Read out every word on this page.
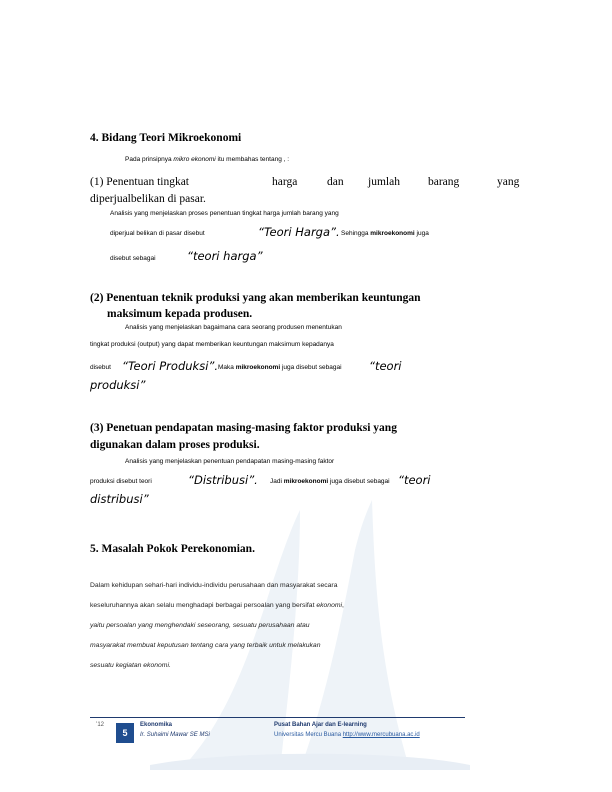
4. Bidang Teori Mikroekonomi
Pada prinsipnya mikro ekonomi itu membahas tentang , :
(1) Penentuan tingkat	harga	dan jumlah barang	yang
diperjualbelikan di pasar.
Analisis yang menjelaskan proses penentuan tingkat harga jumlah barang yang
diperjual belikan di pasar disebut	“Teori Harga”. Sehingga mikroekonomi juga
disebut sebagai	“teori harga”
(2) Penentuan teknik produksi yang akan memberikan keuntungan
maksimum kepada produsen.
Analisis yang menjelaskan bagaimana cara seorang produsen menentukan
tingkat produksi (output) yang dapat memberikan keuntungan maksimum kepadanya
disebut “Teori Produksi”. Maka mikroekonomi juga disebut sebagai “teori
produksi”
(3) Penetuan pendapatan masing-masing faktor produksi yang
digunakan dalam proses produksi.
Analisis yang menjelaskan penentuan pendapatan masing-masing faktor
produksi disebut teori	“Distribusi”. Jadi mikroekonomi juga disebut sebagai “teori
distribusi”
5. Masalah Pokok Perekonomian.
Dalam kehidupan sehari-hari individu-individu perusahaan dan masyarakat secara
keseluruhannya akan selalu menghadapi berbagai persoalan yang bersifat ekonomi,
yaitu persoalan yang menghendaki seseorang, sesuatu perusahaan atau
masyarakat membuat keputusan tentang cara yang terbaik untuk melakukan
sesuatu kegiatan ekonomi.
’12
5
Ekonomika
Ir. Suhaimi Mawar SE MSi
Pusat Bahan Ajar dan E-learning
Universitas Mercu Buana http://www.mercubuana.ac.id
